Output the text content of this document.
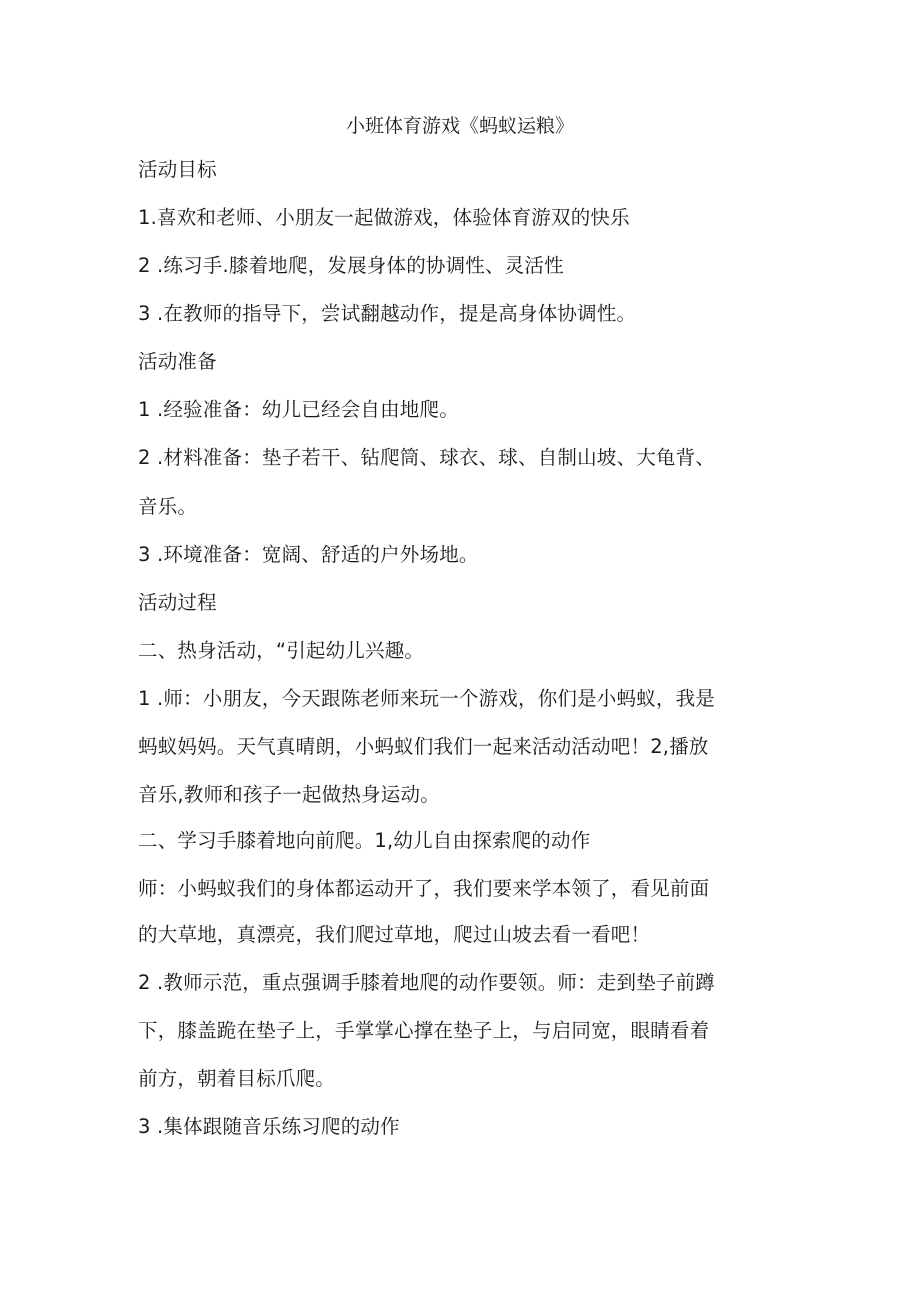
小班体育游戏《蚂蚁运粮》
活动目标
1.喜欢和老师、小朋友一起做游戏，体验体育游双的快乐
2 .练习手.膝着地爬，发展身体的协调性、灵活性
3 .在教师的指导下，尝试翻越动作，提是高身体协调性。
活动准备
1 .经验准备：幼儿已经会自由地爬。
2 .材料准备：垫子若干、钻爬筒、球衣、球、自制山坡、大龟背、
音乐。
3 .环境准备：宽阔、舒适的户外场地。
活动过程
二、热身活动，“引起幼儿兴趣。
1 .师：小朋友，今天跟陈老师来玩一个游戏，你们是小蚂蚁，我是
蚂蚁妈妈。天气真晴朗，小蚂蚁们我们一起来活动活动吧！2,播放
音乐,教师和孩子一起做热身运动。
二、学习手膝着地向前爬。1,幼儿自由探索爬的动作
师：小蚂蚁我们的身体都运动开了，我们要来学本领了，看见前面
的大草地，真漂亮，我们爬过草地，爬过山坡去看一看吧！
2 .教师示范，重点强调手膝着地爬的动作要领。师：走到垫子前蹲
下，膝盖跪在垫子上，手掌掌心撑在垫子上，与启同宽，眼睛看着
前方，朝着目标爪爬。
3 .集体跟随音乐练习爬的动作
